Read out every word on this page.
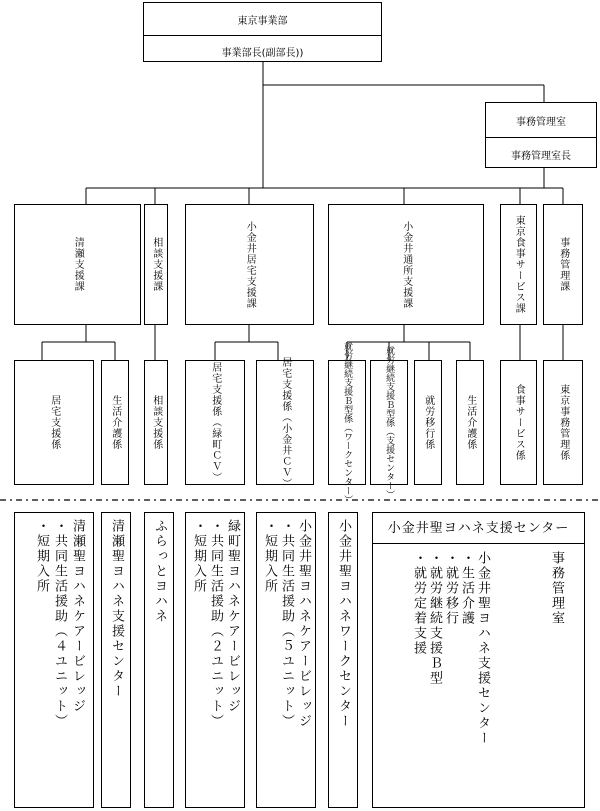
東京事業部
事業部長(副部長))
事務管理室
事務管理室長
清瀬支援課	相談支援課	小金井居宅支援課	小金井通所支援課	東京食事サービス課	事務管理課
居宅支援係	生活介護係	相談支援係	居宅支援係（緑町ＣＶ）	居宅支援係（小金井ＣＶ）	就労継続支援Ｂ型係（ワークセンター）	就労継続支援Ｂ型係（支援センター）	就労移行係	生活介護係	食事サービス係	東京事務管理係
清瀬聖ヨハネケアービレッジ
・共同生活援助（４ユニット）
・短期入所	清瀬聖ヨハネ支援センター ふらっとヨハネ	緑町聖ヨハネケアービレッジ
・共同生活援助（２ユニット）
・短期入所	小金井聖ヨハネケアービレッジ
・共同生活援助（５ユニット）
・短期入所	小金井聖ヨハネワークセンター	小金井聖ヨハネ支援センター
事務管理室
小金井聖ヨハネ支援センター
・生活介護
・就労移行
・就労継続支援Ｂ型
・就労定着支援
